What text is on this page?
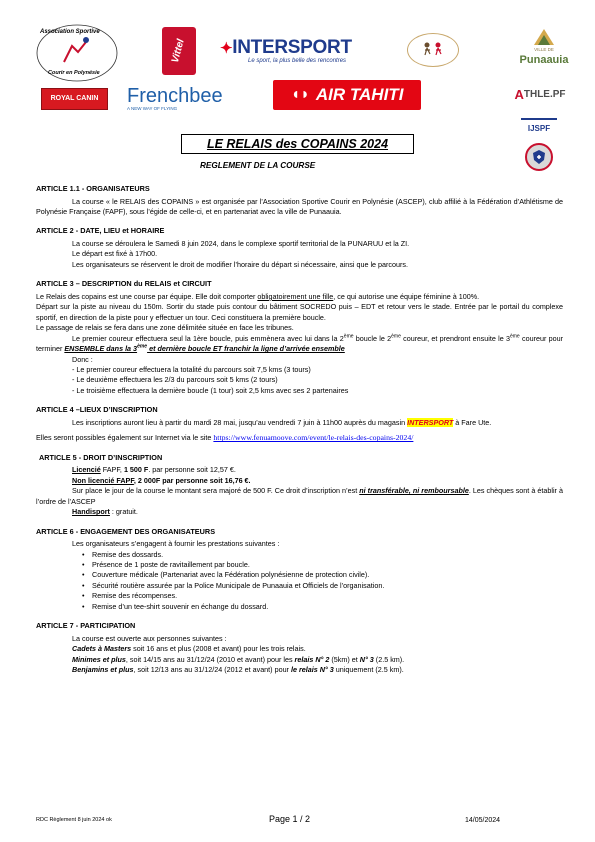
Association Sportive
Courir en Polynésie
Vittel ✦INTERSPORT
Le sport, la plus belle des rencontres
VILLE DE
Punaauia
ROYAL CANIN Frenchbee
A NEW WAY OF FLYING
◖◗ AIR TAHITI	A THLE.PF
IJSPF
LE RELAIS des COPAINS 2024
REGLEMENT DE LA COURSE
ARTICLE 1.1 - ORGANISATEURS
La course « le RELAIS des COPAINS » est organisée par l’Association Sportive Courir en Polynésie (ASCEP), club affilié à la Fédération d’Athlétisme de Polynésie Française (FAPF), sous l’égide de celle-ci, et en partenariat avec la ville de Punaauia.
ARTICLE 2 - DATE, LIEU et HORAIRE
La course se déroulera le Samedi 8 juin 2024, dans le complexe sportif territorial de la PUNARUU et la ZI.
Le départ est fixé à 17h00.
Les organisateurs se réservent le droit de modifier l’horaire du départ si nécessaire, ainsi que le parcours.
ARTICLE 3 – DESCRIPTION du RELAIS et CIRCUIT
Le Relais des copains est une course par équipe. Elle doit comporter obligatoirement une fille, ce qui autorise une équipe féminine à 100%.
Départ sur la piste au niveau du 150m. Sortir du stade puis contour du bâtiment SOCREDO puis – EDT et retour vers le stade. Entrée par le portail du complexe sportif, en direction de la piste pour y effectuer un tour. Ceci constituera la première boucle.
Le passage de relais se fera dans une zone délimitée située en face les tribunes.
Le premier coureur effectuera seul la 1ère boucle, puis emmènera avec lui dans la 2ème boucle le 2ème coureur, et prendront ensuite le 3ème coureur pour terminer ENSEMBLE dans la 3ème et dernière boucle ET franchir la ligne d’arrivée ensemble
Donc :
- Le premier coureur effectuera la totalité du parcours soit 7,5 kms (3 tours)
- Le deuxième effectuera les 2/3 du parcours soit 5 kms (2 tours)
- Le troisième effectuera la dernière boucle (1 tour) soit 2,5 kms avec ses 2 partenaires
ARTICLE 4 –LIEUX D’INSCRIPTION
Les inscriptions auront lieu à partir du mardi 28 mai, jusqu’au vendredi 7 juin à 11h00 auprès du magasin INTERSPORT à Fare Ute.
Elles seront possibles également sur Internet via le site https://www.fenuamoove.com/event/le-relais-des-copains-2024/
ARTICLE 5 - DROIT D’INSCRIPTION
Licencié FAPF, 1 500 F. par personne soit 12,57 €.
Non licencié FAPF, 2 000F par personne soit 16,76 €.
Sur place le jour de la course le montant sera majoré de 500 F. Ce droit d’inscription n’est ni transférable, ni remboursable. Les chèques sont à établir à l’ordre de l’ASCEP
Handisport : gratuit.
ARTICLE 6 - ENGAGEMENT DES ORGANISATEURS
Les organisateurs s’engagent à fournir les prestations suivantes :
• Remise des dossards.
• Présence de 1 poste de ravitaillement par boucle.
• Couverture médicale (Partenariat avec la Fédération polynésienne de protection civile).
• Sécurité routière assurée par la Police Municipale de Punaauia et Officiels de l’organisation.
• Remise des récompenses.
• Remise d’un tee-shirt souvenir en échange du dossard.
ARTICLE 7 - PARTICIPATION
La course est ouverte aux personnes suivantes :
Cadets à Masters soit 16 ans et plus (2008 et avant) pour les trois relais.
Minimes et plus, soit 14/15 ans au 31/12/24 (2010 et avant) pour les relais N° 2 (5km) et N° 3 (2.5 km).
Benjamins et plus, soit 12/13 ans au 31/12/24 (2012 et avant) pour le relais N° 3 uniquement (2.5 km).
RDC Règlement 8 juin 2024 ok	Page 1 / 2	14/05/2024
